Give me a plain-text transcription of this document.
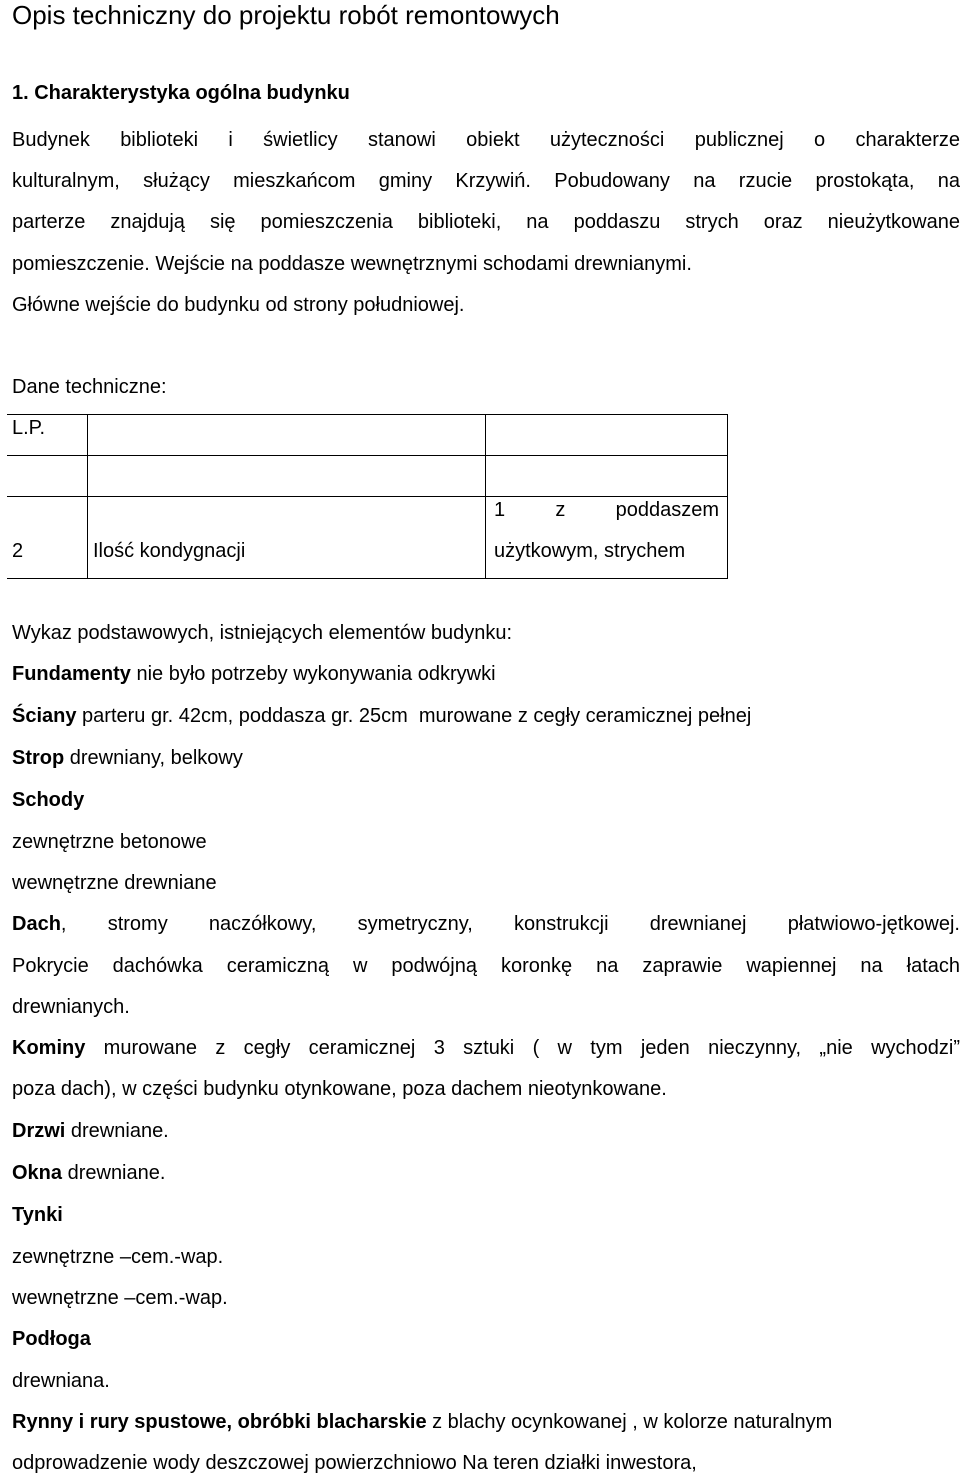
Opis techniczny do projektu robót remontowych
1. Charakterystyka ogólna budynku
Budynek biblioteki i świetlicy stanowi obiekt użyteczności publicznej o charakterze
kulturalnym, służący mieszkańcom gminy Krzywiń. Pobudowany na rzucie prostokąta, na
parterze znajdują się pomieszczenia biblioteki, na poddaszu strych oraz nieużytkowane
pomieszczenie. Wejście na poddasze wewnętrznymi schodami drewnianymi.
Główne wejście do budynku od strony południowej.
Dane techniczne:
L.P.
2	Ilość kondygnacji
1 z poddaszem
użytkowym, strychem
Wykaz podstawowych, istniejących elementów budynku:
Fundamenty nie było potrzeby wykonywania odkrywki
Ściany parteru gr. 42cm, poddasza gr. 25cm  murowane z cegły ceramicznej pełnej
Strop drewniany, belkowy
Schody
zewnętrzne betonowe
wewnętrzne drewniane
Dach, stromy naczółkowy, symetryczny, konstrukcji drewnianej płatwiowo-jętkowej.
Pokrycie dachówka ceramiczną w podwójną koronkę na zaprawie wapiennej na łatach
drewnianych.
Kominy murowane z cegły ceramicznej 3 sztuki ( w tym jeden nieczynny, „nie wychodzi”
poza dach), w części budynku otynkowane, poza dachem nieotynkowane.
Drzwi drewniane.
Okna drewniane.
Tynki
zewnętrzne –cem.-wap.
wewnętrzne –cem.-wap.
Podłoga
drewniana.
Rynny i rury spustowe, obróbki blacharskie z blachy ocynkowanej , w kolorze naturalnym
odprowadzenie wody deszczowej powierzchniowo Na teren działki inwestora,
